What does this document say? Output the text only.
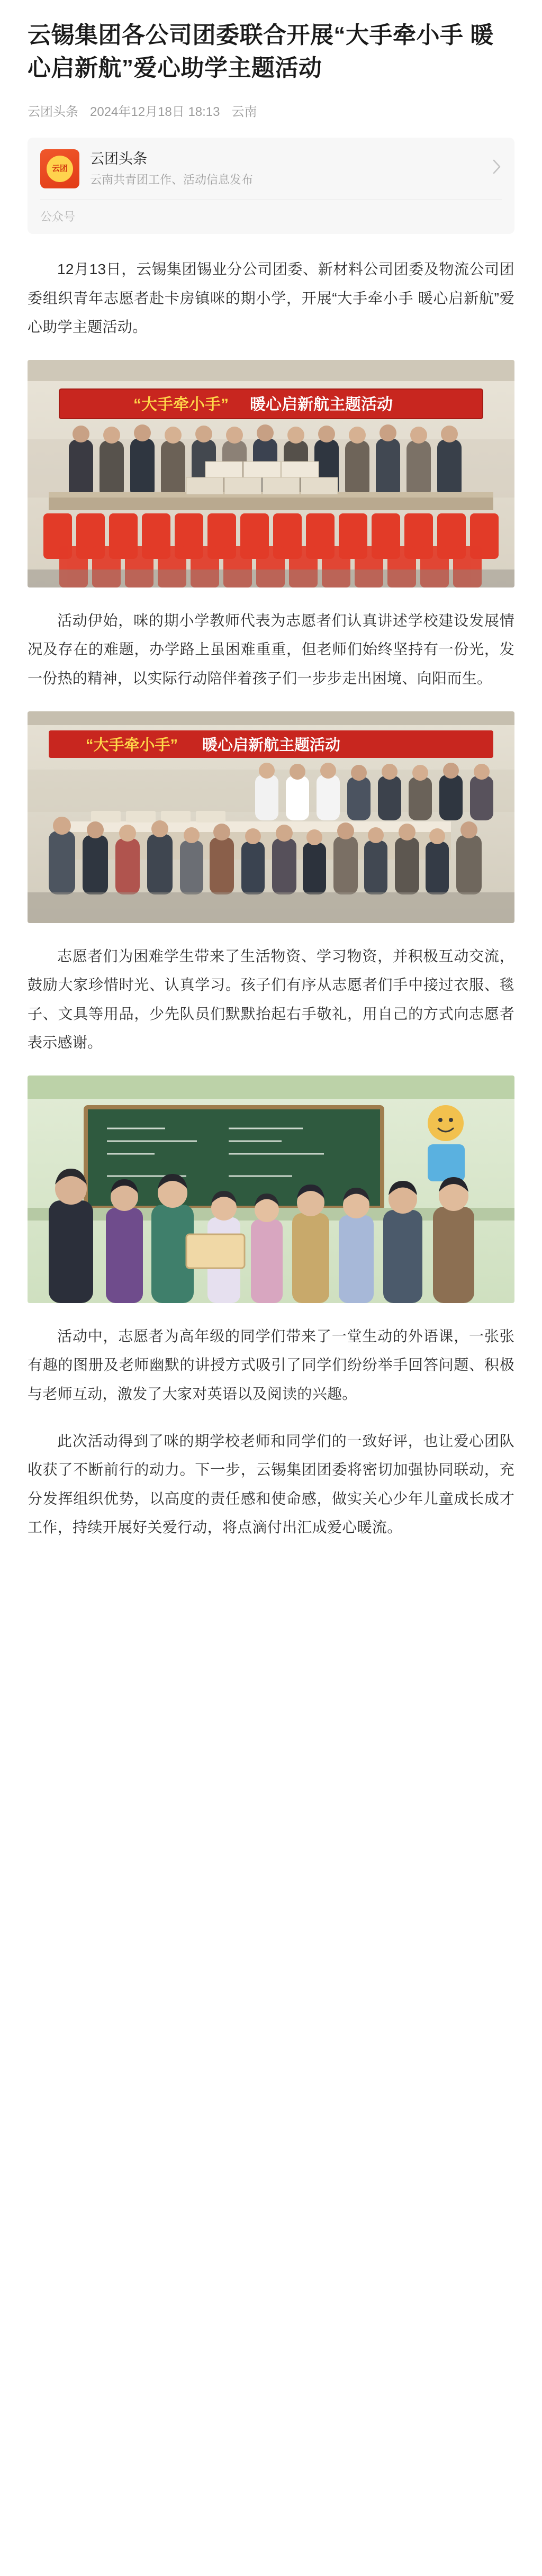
云锡集团各公司团委联合开展“大手牵小手 暖心启新航”爱心助学主题活动
云团头条 2024年12月18日 18:13 云南
云团
云团头条
云南共青团工作、活动信息发布
公众号

12月13日，云锡集团锡业分公司团委、新材料公司团委及物流公司团委组织青年志愿者赴卡房镇咪的期小学，开展“大手牵小手 暖心启新航”爱心助学主题活动。

“大手牵小手” 暖心启新航主题活动

活动伊始，咪的期小学教师代表为志愿者们认真讲述学校建设发展情况及存在的难题，办学路上虽困难重重，但老师们始终坚持有一份光，发一份热的精神，以实际行动陪伴着孩子们一步步走出困境、向阳而生。

“大手牵小手” 暖心启新航主题活动

志愿者们为困难学生带来了生活物资、学习物资，并积极互动交流，鼓励大家珍惜时光、认真学习。孩子们有序从志愿者们手中接过衣服、毯子、文具等用品，少先队员们默默抬起右手敬礼，用自己的方式向志愿者表示感谢。

活动中，志愿者为高年级的同学们带来了一堂生动的外语课，一张张有趣的图册及老师幽默的讲授方式吸引了同学们纷纷举手回答问题、积极与老师互动，激发了大家对英语以及阅读的兴趣。

此次活动得到了咪的期学校老师和同学们的一致好评，也让爱心团队收获了不断前行的动力。下一步，云锡集团团委将密切加强协同联动，充分发挥组织优势，以高度的责任感和使命感，做实关心少年儿童成长成才工作，持续开展好关爱行动，将点滴付出汇成爱心暖流。
